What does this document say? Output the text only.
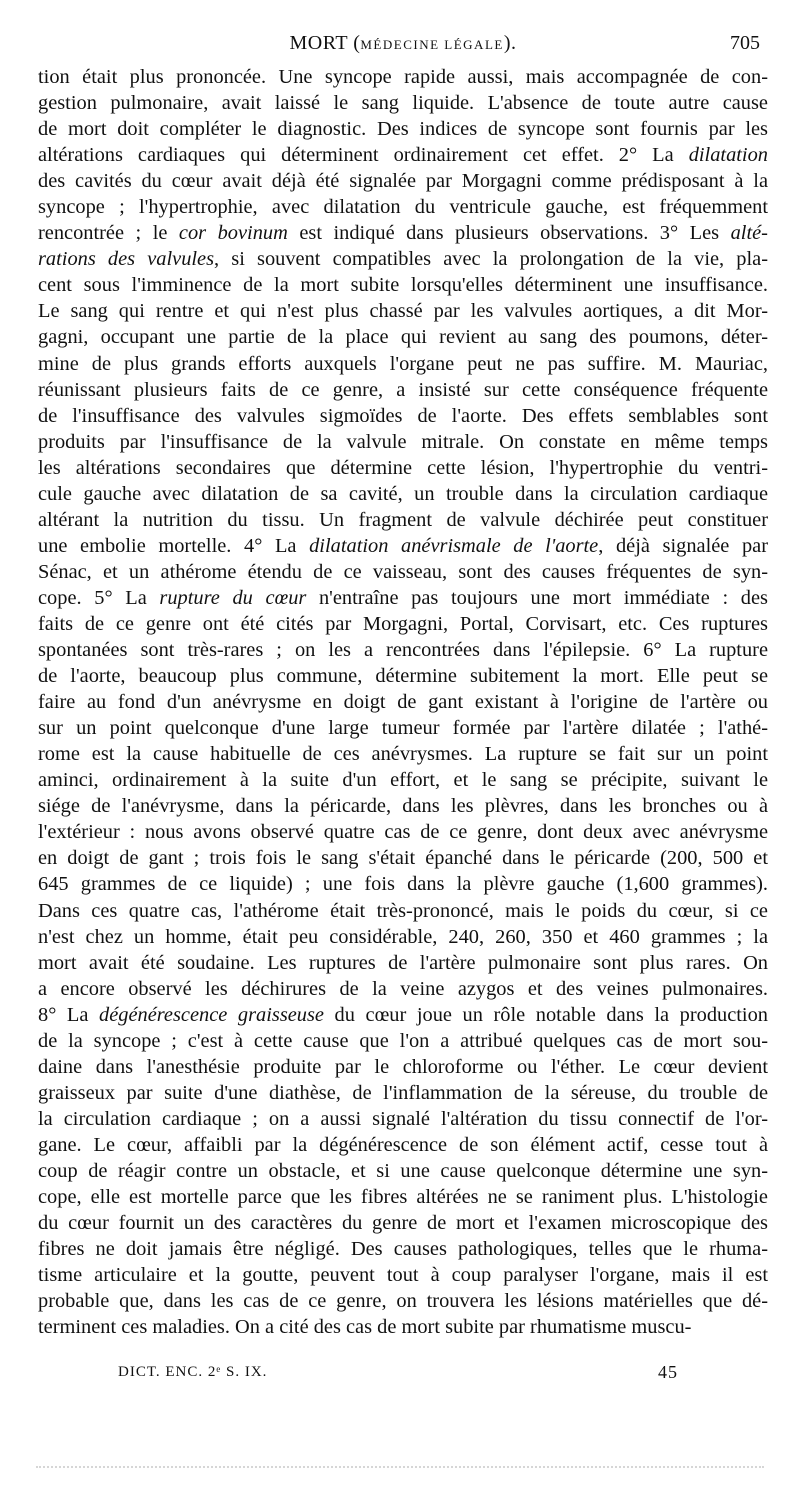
MORT (MÉDECINE LÉGALE).	705
tion était plus prononcée. Une syncope rapide aussi, mais accompagnée de con-
gestion pulmonaire, avait laissé le sang liquide. L'absence de toute autre cause
de mort doit compléter le diagnostic. Des indices de syncope sont fournis par les
altérations cardiaques qui déterminent ordinairement cet effet. 2° La dilatation
des cavités du cœur avait déjà été signalée par Morgagni comme prédisposant à la
syncope ; l'hypertrophie, avec dilatation du ventricule gauche, est fréquemment
rencontrée ; le cor bovinum est indiqué dans plusieurs observations. 3° Les alté-
rations des valvules, si souvent compatibles avec la prolongation de la vie, pla-
cent sous l'imminence de la mort subite lorsqu'elles déterminent une insuffisance.
Le sang qui rentre et qui n'est plus chassé par les valvules aortiques, a dit Mor-
gagni, occupant une partie de la place qui revient au sang des poumons, déter-
mine de plus grands efforts auxquels l'organe peut ne pas suffire. M. Mauriac,
réunissant plusieurs faits de ce genre, a insisté sur cette conséquence fréquente
de l'insuffisance des valvules sigmoïdes de l'aorte. Des effets semblables sont
produits par l'insuffisance de la valvule mitrale. On constate en même temps
les altérations secondaires que détermine cette lésion, l'hypertrophie du ventri-
cule gauche avec dilatation de sa cavité, un trouble dans la circulation cardiaque
altérant la nutrition du tissu. Un fragment de valvule déchirée peut constituer
une embolie mortelle. 4° La dilatation anévrismale de l'aorte, déjà signalée par
Sénac, et un athérome étendu de ce vaisseau, sont des causes fréquentes de syn-
cope. 5° La rupture du cœur n'entraîne pas toujours une mort immédiate : des
faits de ce genre ont été cités par Morgagni, Portal, Corvisart, etc. Ces ruptures
spontanées sont très-rares ; on les a rencontrées dans l'épilepsie. 6° La rupture
de l'aorte, beaucoup plus commune, détermine subitement la mort. Elle peut se
faire au fond d'un anévrysme en doigt de gant existant à l'origine de l'artère ou
sur un point quelconque d'une large tumeur formée par l'artère dilatée ; l'athé-
rome est la cause habituelle de ces anévrysmes. La rupture se fait sur un point
aminci, ordinairement à la suite d'un effort, et le sang se précipite, suivant le
siége de l'anévrysme, dans la péricarde, dans les plèvres, dans les bronches ou à
l'extérieur : nous avons observé quatre cas de ce genre, dont deux avec anévrysme
en doigt de gant ; trois fois le sang s'était épanché dans le péricarde (200, 500 et
645 grammes de ce liquide) ; une fois dans la plèvre gauche (1,600 grammes).
Dans ces quatre cas, l'athérome était très-prononcé, mais le poids du cœur, si ce
n'est chez un homme, était peu considérable, 240, 260, 350 et 460 grammes ; la
mort avait été soudaine. Les ruptures de l'artère pulmonaire sont plus rares. On
a encore observé les déchirures de la veine azygos et des veines pulmonaires.
8° La dégénérescence graisseuse du cœur joue un rôle notable dans la production
de la syncope ; c'est à cette cause que l'on a attribué quelques cas de mort sou-
daine dans l'anesthésie produite par le chloroforme ou l'éther. Le cœur devient
graisseux par suite d'une diathèse, de l'inflammation de la séreuse, du trouble de
la circulation cardiaque ; on a aussi signalé l'altération du tissu connectif de l'or-
gane. Le cœur, affaibli par la dégénérescence de son élément actif, cesse tout à
coup de réagir contre un obstacle, et si une cause quelconque détermine une syn-
cope, elle est mortelle parce que les fibres altérées ne se raniment plus. L'histologie
du cœur fournit un des caractères du genre de mort et l'examen microscopique des
fibres ne doit jamais être négligé. Des causes pathologiques, telles que le rhuma-
tisme articulaire et la goutte, peuvent tout à coup paralyser l'organe, mais il est
probable que, dans les cas de ce genre, on trouvera les lésions matérielles que dé-
terminent ces maladies. On a cité des cas de mort subite par rhumatisme muscu-
DICT. ENC. 2ᵉ S. IX.	45
